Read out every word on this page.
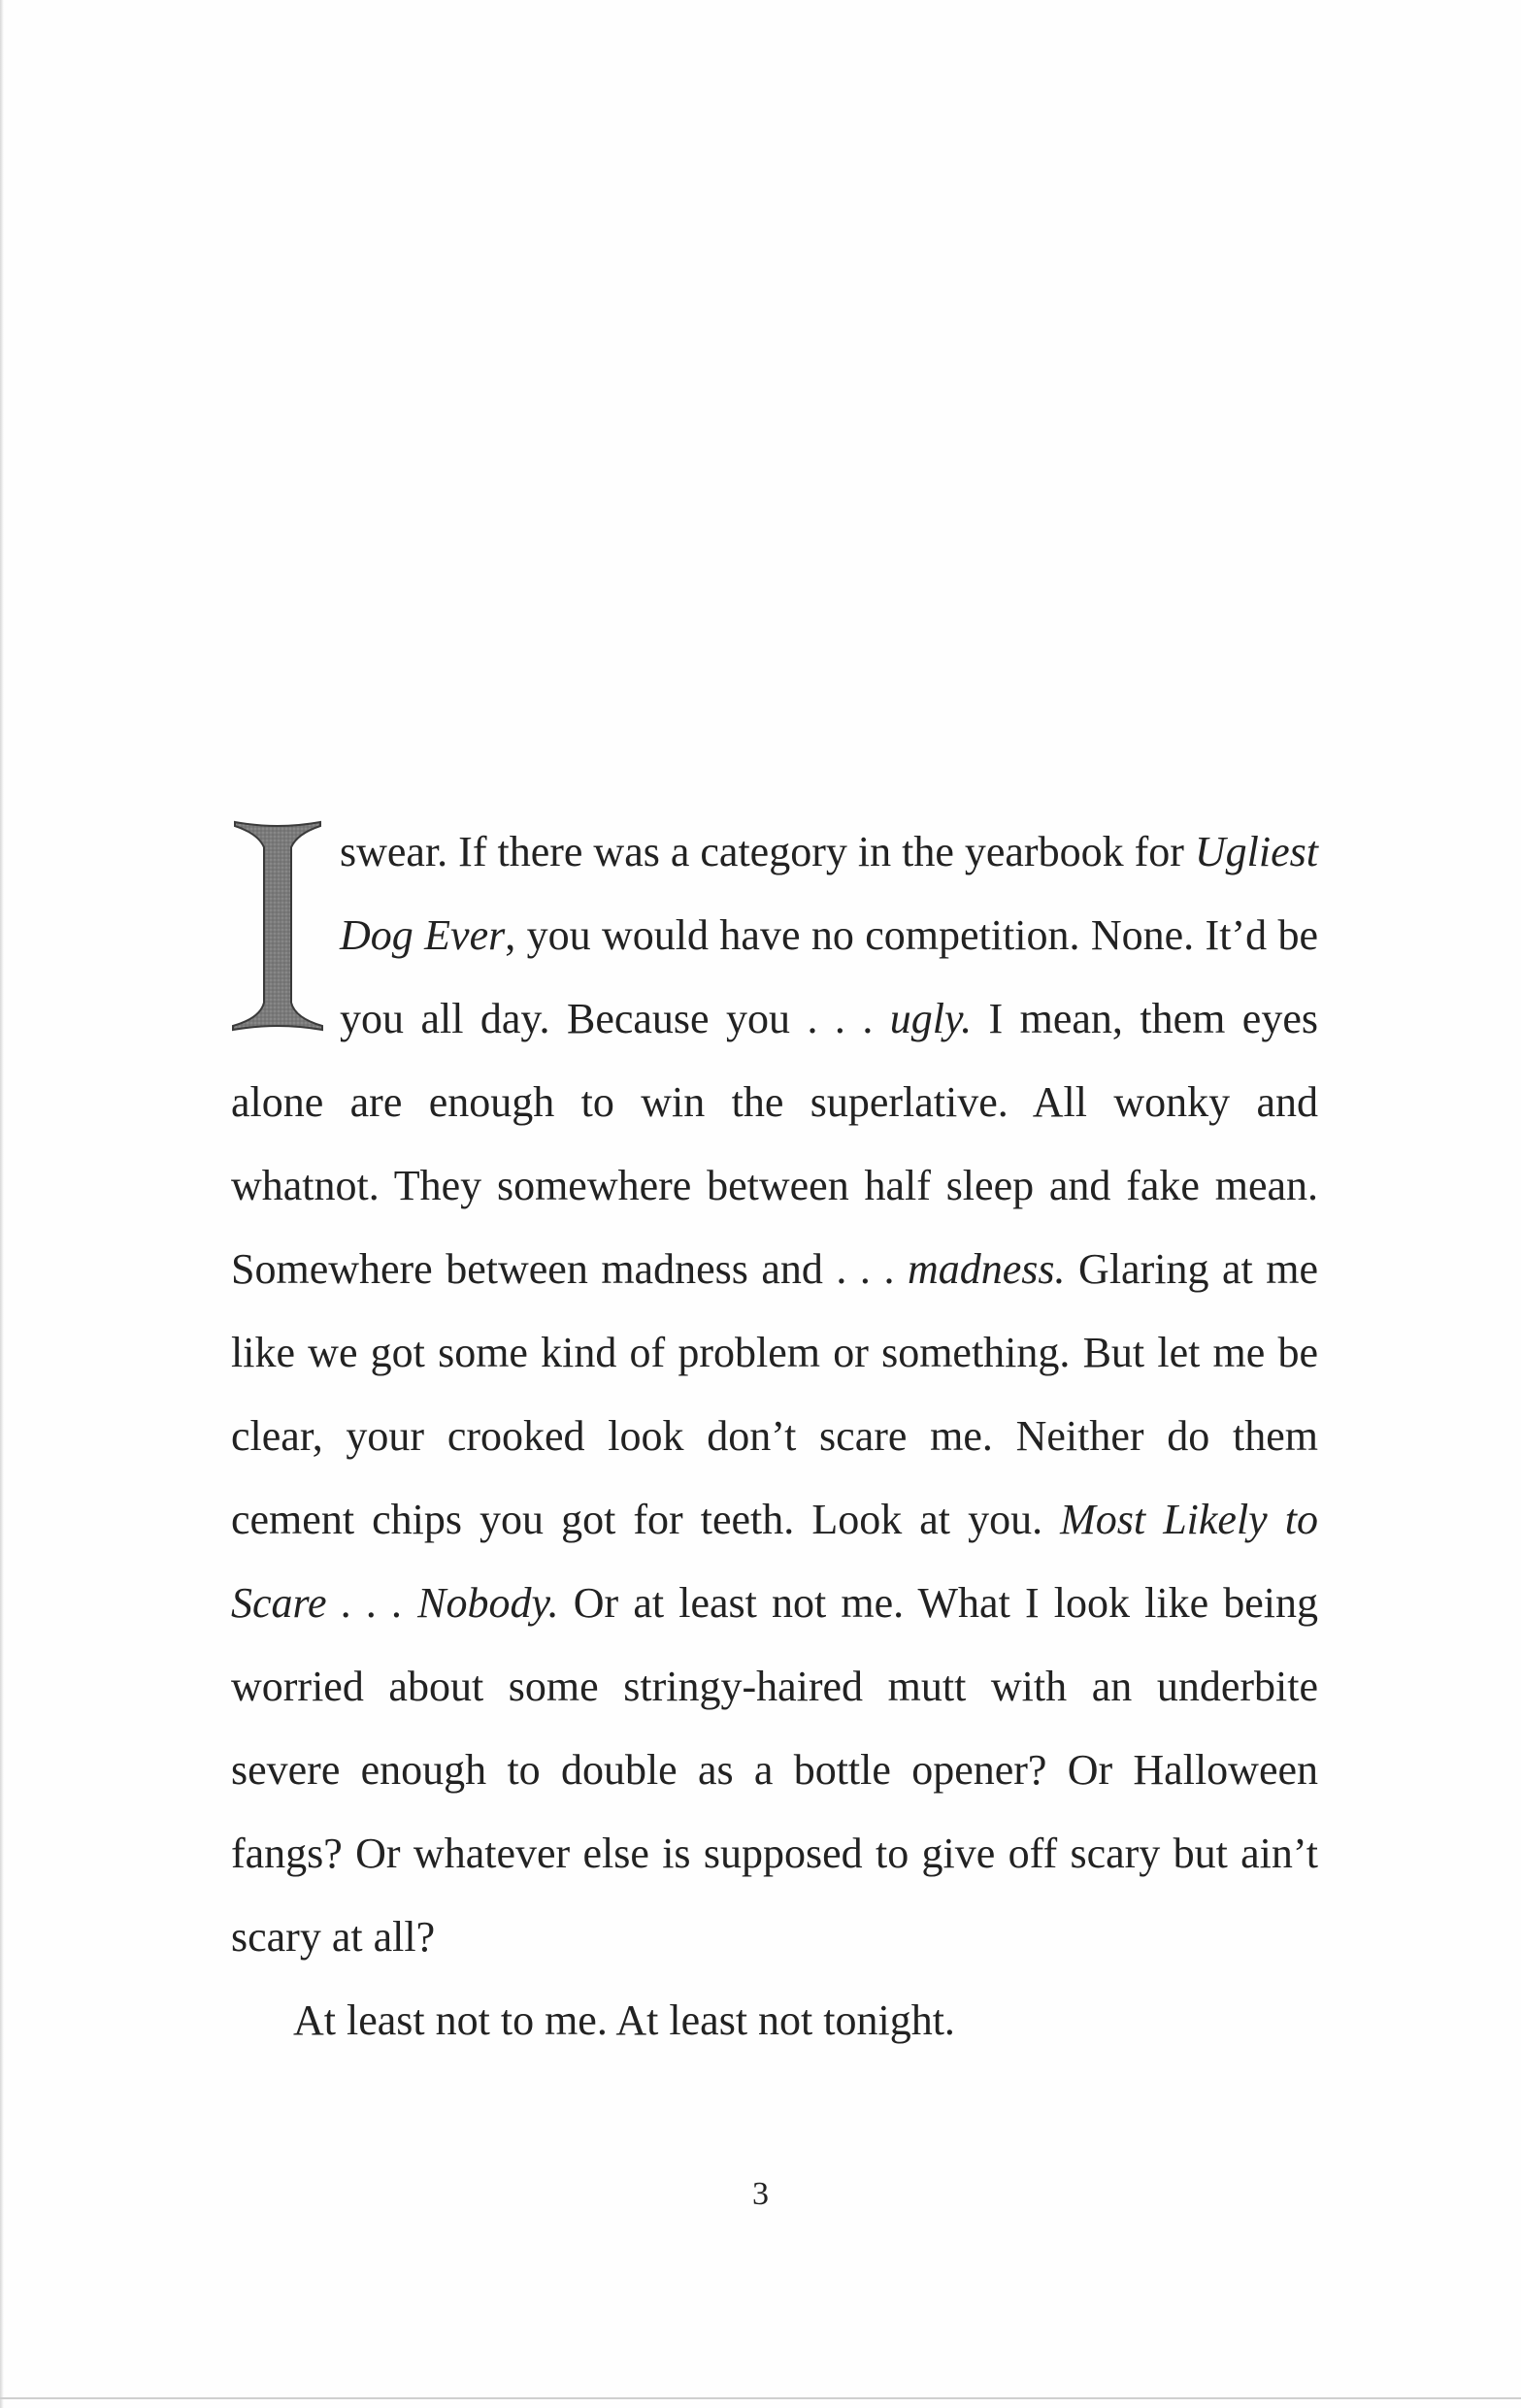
swear. If there was a category in the yearbook for Ugliest Dog Ever, you would have no competition. None. It’d be you all day. Because you . . . ugly. I mean, them eyes alone are enough to win the superlative. All wonky and whatnot. They somewhere between half sleep and fake mean. Somewhere between madness and . . . madness. Glaring at me like we got some kind of problem or something. But let me be clear, your crooked look don’t scare me. Neither do them cement chips you got for teeth. Look at you. Most Likely to Scare . . . Nobody. Or at least not me. What I look like being worried about some stringy-haired mutt with an underbite severe enough to double as a bottle opener? Or Halloween fangs? Or whatever else is supposed to give off scary but ain’t scary at all?

At least not to me. At least not tonight.

3
